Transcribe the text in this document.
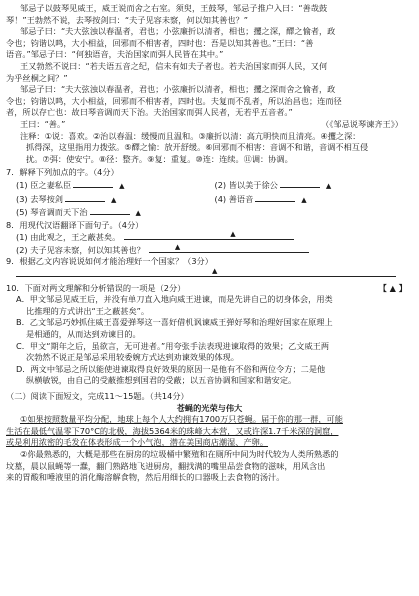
邹忌子以鼓琴见威王，威王说而舍之右室。须臾，王鼓琴，邹忌子推户入曰：“善哉鼓

琴！”王勃然不说，去琴按剑曰：“夫子见容未察，何以知其善也？”

邹忌子曰：“夫大弦浊以春温者，君也；小弦廉折以清者，相也；攫之深，醳之愉者，政

令也；钧谐以鸣，大小相益，回邪而不相害者，四时也：吾是以知其善也。”王曰：“善

语音。”邹忌子曰：“何独语音，夫治国家而弭人民皆在其中。”

王又勃然不说曰：“若夫语五音之纪，信未有如夫子者也。若夫治国家而弭人民，又何

为乎丝桐之间？”

邹忌子曰：“夫大弦浊以春温者，君也；小弦廉折以清者，相也；攫之深而舍之愉者，政

令也；钧谐以鸣，大小相益，回邪而不相害者，四时也。夫复而不乱者，所以治昌也；连而径

者，所以存亡也：故曰琴音调而天下治。夫治国家而弭人民者，无若乎五音者。”

王曰：“善。”	（《邹忌说琴谏齐王》）

注释：①说：喜欢。②治以春温：缓慢而且温和。③廉折以清：高亢明快而且清亮。④攫之深：

抓得深，这里指用力拨弦。⑤醳之愉：放开舒缓。⑥回邪而不相害：音调不和谐，音调不相互侵

扰。⑦弭：使安宁。⑧径：整齐。⑨复：重复。⑩连：连续。⑪调：协调。

7．解释下列加点的字。（4分）

(1) 臣之妻私臣	▲	(2) 皆以美于徐公	▲

(3) 去琴按剑	▲	(4) 善语音	▲

(5) 琴音调而天下治	▲

8．用现代汉语翻译下面句子。（4分）

(1) 由此观之，王之蔽甚矣。	▲

(2) 夫子见容未察，何以知其善也？	▲

9．根据乙文内容说说如何才能治理好一个国家？（3分）

▲

10．下面对两文理解和分析错误的一项是（2分）	【 ▲ 】

A．甲文邹忌见威王后，并没有单刀直入地向威王进谏，而是先讲自己的切身体会，用类

比推理的方式讲出“王之蔽甚矣”。

B．乙文邹忌巧妙抓住威王喜爱弹琴这一喜好借机讽谏威王弹好琴和治理好国家在原理上

是相通的，从而达到劝谏目的。

C．甲文“期年之后，虽欲言，无可进者。”用夸张手法表现进谏取得的效果；乙文威王两

次勃然不说正是邹忌采用较委婉方式达到劝谏效果的体现。

D．两文中邹忌之所以能使进谏取得良好效果的原因一是他有不俗和两位令方；二是他

纵横敏锐，由自己的受蔽推想到国君的受蔽；以五音协调和国家和谐安定。

（二）阅读下面短文，完成11～15题。（共14分）

苍蝇的光荣与伟大

①如果按照数量平均分配，地球上每个人大约拥有1700万只苍蝇。届于你的那一群，可能

生活在最低气温零下70°C的北极，海拔5364米的珠峰大本营，又或许深1.7千米深的洞窟，

或是利用浓密的毛发在体表形成一个小气泡，潜在美国商店潮湿、产卵。

②你最熟悉的，大概是那些在厨房的垃圾桶中繁殖和在厕所中间为时代较为人类所熟悉的

坟墓，晨以鼠蝇等一蠢，翻门熟路地飞进厨房，翻找满的嘴里品尝食物的滋味，用风含出

来的胃酸和唾液里的消化酶溶解食物，然后用细长的口器吸上去食物的汤汁。
